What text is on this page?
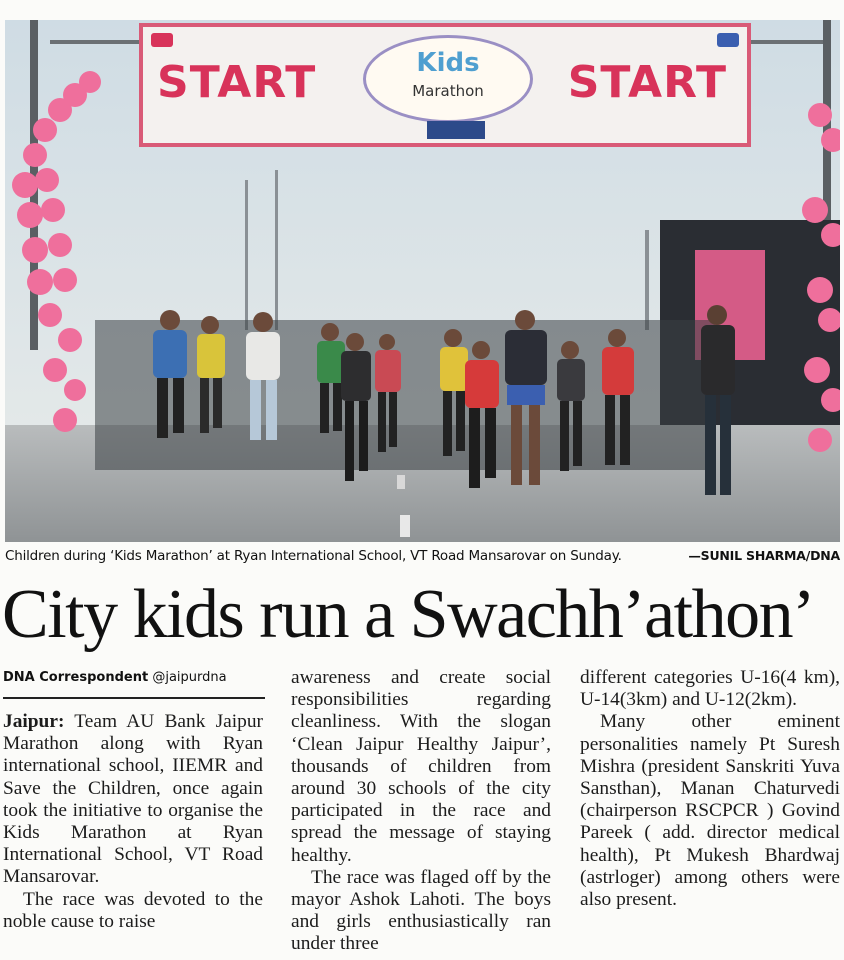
START	Kids
Marathon	START
Children during ‘Kids Marathon’ at Ryan International School, VT Road Mansarovar on Sunday.	—SUNIL SHARMA/DNA
City kids run a Swachh’athon’
DNA Correspondent @jaipurdna

Jaipur: Team AU Bank Jaipur Marathon along with Ryan international school, IIEMR and Save the Children, once again took the initiative to organise the Kids Marathon at Ryan International School, VT Road Mansarovar.

The race was devoted to the noble cause to raise

awareness and create social responsibilities regarding cleanliness. With the slogan ‘Clean Jaipur Healthy Jaipur’, thousands of children from around 30 schools of the city participated in the race and spread the message of staying healthy.

The race was flaged off by the mayor Ashok Lahoti. The boys and girls enthusiastically ran under three

different categories U-16(4 km), U-14(3km) and U-12(2km).

Many other eminent personalities namely Pt Suresh Mishra (president Sanskriti Yuva Sansthan), Manan Chaturvedi (chairperson RSCPCR ) Govind Pareek ( add. director medical health), Pt Mukesh Bhardwaj (astrloger) among others were also present.
